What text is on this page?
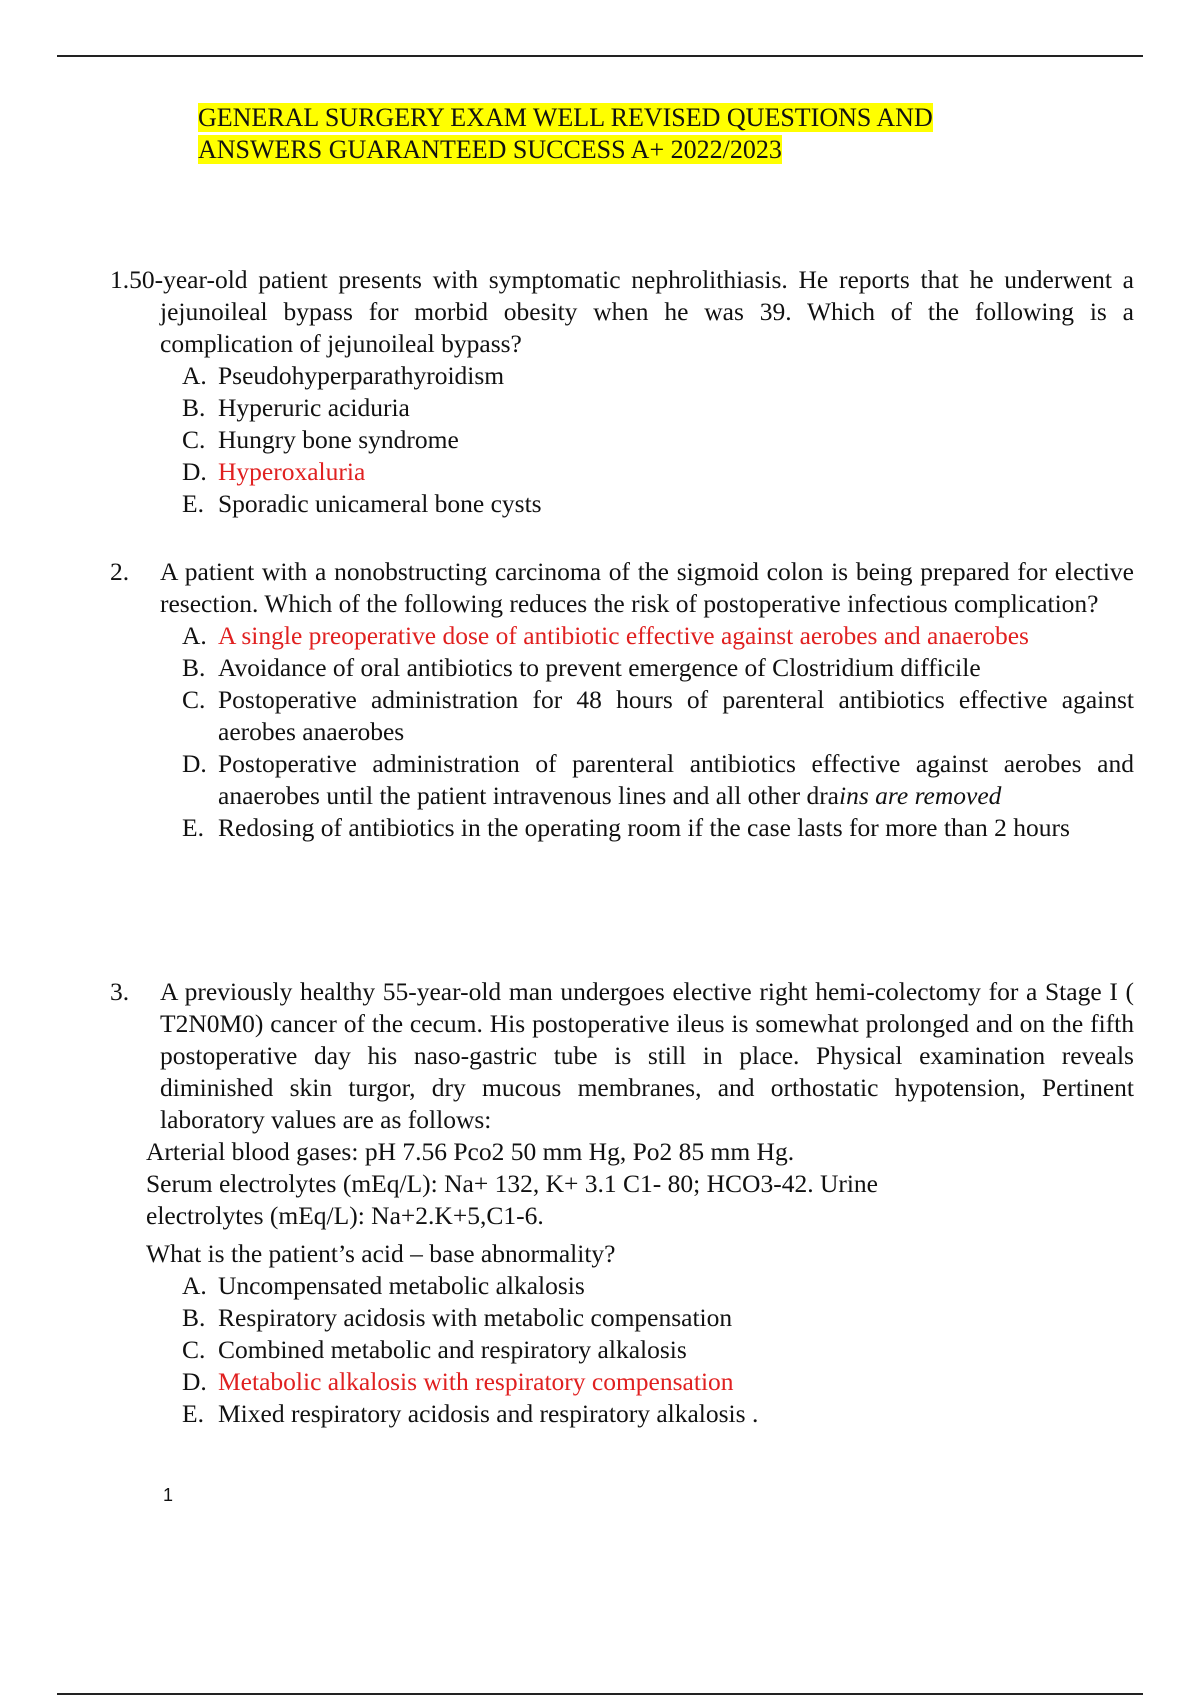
GENERAL SURGERY EXAM WELL REVISED QUESTIONS AND
ANSWERS GUARANTEED SUCCESS A+ 2022/2023
1.50-year-old patient presents with symptomatic nephrolithiasis. He reports that he underwent a jejunoileal bypass for morbid obesity when he was 39. Which of the following is a complication of jejunoileal bypass?
A. Pseudohyperparathyroidism
B. Hyperuric aciduria
C. Hungry bone syndrome
D. Hyperoxaluria
E. Sporadic unicameral bone cysts
2.	A patient with a nonobstructing carcinoma of the sigmoid colon is being prepared for elective resection. Which of the following reduces the risk of postoperative infectious complication?
A. A single preoperative dose of antibiotic effective against aerobes and anaerobes
B. Avoidance of oral antibiotics to prevent emergence of Clostridium difficile
C. Postoperative administration for 48 hours of parenteral antibiotics effective against aerobes anaerobes
D. Postoperative administration of parenteral antibiotics effective against aerobes and anaerobes until the patient intravenous lines and all other drains are removed
E. Redosing of antibiotics in the operating room if the case lasts for more than 2 hours
3.	A previously healthy 55-year-old man undergoes elective right hemi-colectomy for a Stage I ( T2N0M0) cancer of the cecum. His postoperative ileus is somewhat prolonged and on the fifth postoperative day his naso-gastric tube is still in place. Physical examination reveals diminished skin turgor, dry mucous membranes, and orthostatic hypotension, Pertinent laboratory values are as follows:
Arterial blood gases: pH 7.56 Pco2 50 mm Hg, Po2 85 mm Hg.
Serum electrolytes (mEq/L): Na+ 132, K+ 3.1 C1- 80; HCO3-42. Urine
electrolytes (mEq/L): Na+2.K+5,C1-6.
What is the patient’s acid – base abnormality?
A. Uncompensated metabolic alkalosis
B. Respiratory acidosis with metabolic compensation
C. Combined metabolic and respiratory alkalosis
D. Metabolic alkalosis with respiratory compensation
E. Mixed respiratory acidosis and respiratory alkalosis .
1
